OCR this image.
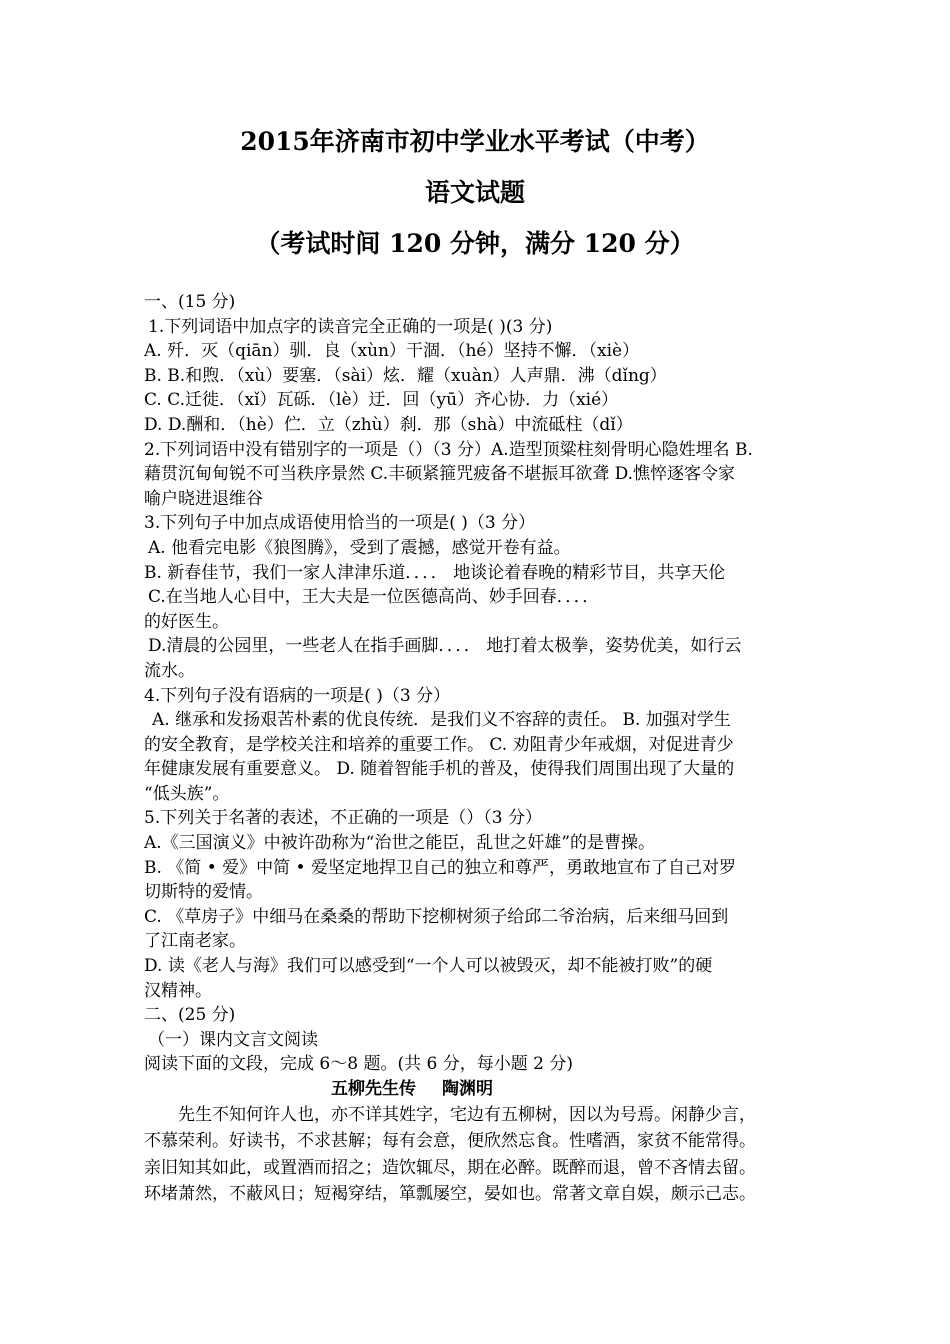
2015年济南市初中学业水平考试（中考）
语文试题
（考试时间 120 分钟，满分 120 分）
一、(15 分)
1.下列词语中加点字的读音完全正确的一项是( )(3 分)
A. 歼．灭（qiān）驯．良（xùn）干涸．（hé）坚持不懈．（xiè）
B. B.和煦．（xù）要塞．（sài）炫．耀（xuàn）人声鼎．沸（dǐng）
C. C.迁徙．（xǐ）瓦砾．（lè）迂．回（yū）齐心协．力（xié）
D. D.酬和．（hè）伫．立（zhù）刹．那（shà）中流砥柱（dǐ）
2.下列词语中没有错别字的一项是（）（3 分）A.造型顶粱柱刻骨明心隐姓埋名 B.
藉贯沉甸甸锐不可当秩序景然 C.丰硕紧箍咒疲备不堪振耳欲聋 D.憔悴逐客令家
喻户晓进退维谷
3.下列句子中加点成语使用恰当的一项是( )（3 分）
A. 他看完电影《狼图腾》，受到了震撼，感觉开卷有益。
B. 新春佳节，我们一家人津津乐道．．．． 地谈论着春晚的精彩节目，共享天伦
C.在当地人心目中，王大夫是一位医德高尚、妙手回春．．．．
的好医生。
D.清晨的公园里，一些老人在指手画脚．．．． 地打着太极拳，姿势优美，如行云
流水。
4.下列句子没有语病的一项是( )（3 分）
A. 继承和发扬艰苦朴素的优良传统．是我们义不容辞的责任。 B. 加强对学生
的安全教育，是学校关注和培养的重要工作。 C. 劝阻青少年戒烟，对促进青少
年健康发展有重要意义。 D. 随着智能手机的普及，使得我们周围出现了大量的
“低头族”。
5.下列关于名著的表述，不正确的一项是（）（3 分）
A.《三国演义》中被许劭称为“治世之能臣，乱世之奸雄”的是曹操。
B. 《简 • 爱》中简 • 爱坚定地捍卫自己的独立和尊严，勇敢地宣布了自己对罗
切斯特的爱情。
C. 《草房子》中细马在桑桑的帮助下挖柳树须子给邱二爷治病，后来细马回到
了江南老家。
D. 读《老人与海》我们可以感受到“一个人可以被毁灭，却不能被打败”的硬
汉精神。
二、(25 分)
（一）课内文言文阅读
阅读下面的文段，完成 6～8 题。(共 6 分，每小题 2 分)
五柳先生传 陶渊明
先生不知何许人也，亦不详其姓字，宅边有五柳树，因以为号焉。闲静少言，
不慕荣利。好读书，不求甚解；每有会意，便欣然忘食。性嗜酒，家贫不能常得。
亲旧知其如此，或置酒而招之；造饮辄尽，期在必醉。既醉而退，曾不吝情去留。
环堵萧然，不蔽风日；短褐穿结，箪瓢屡空，晏如也。常著文章自娱，颇示己志。
